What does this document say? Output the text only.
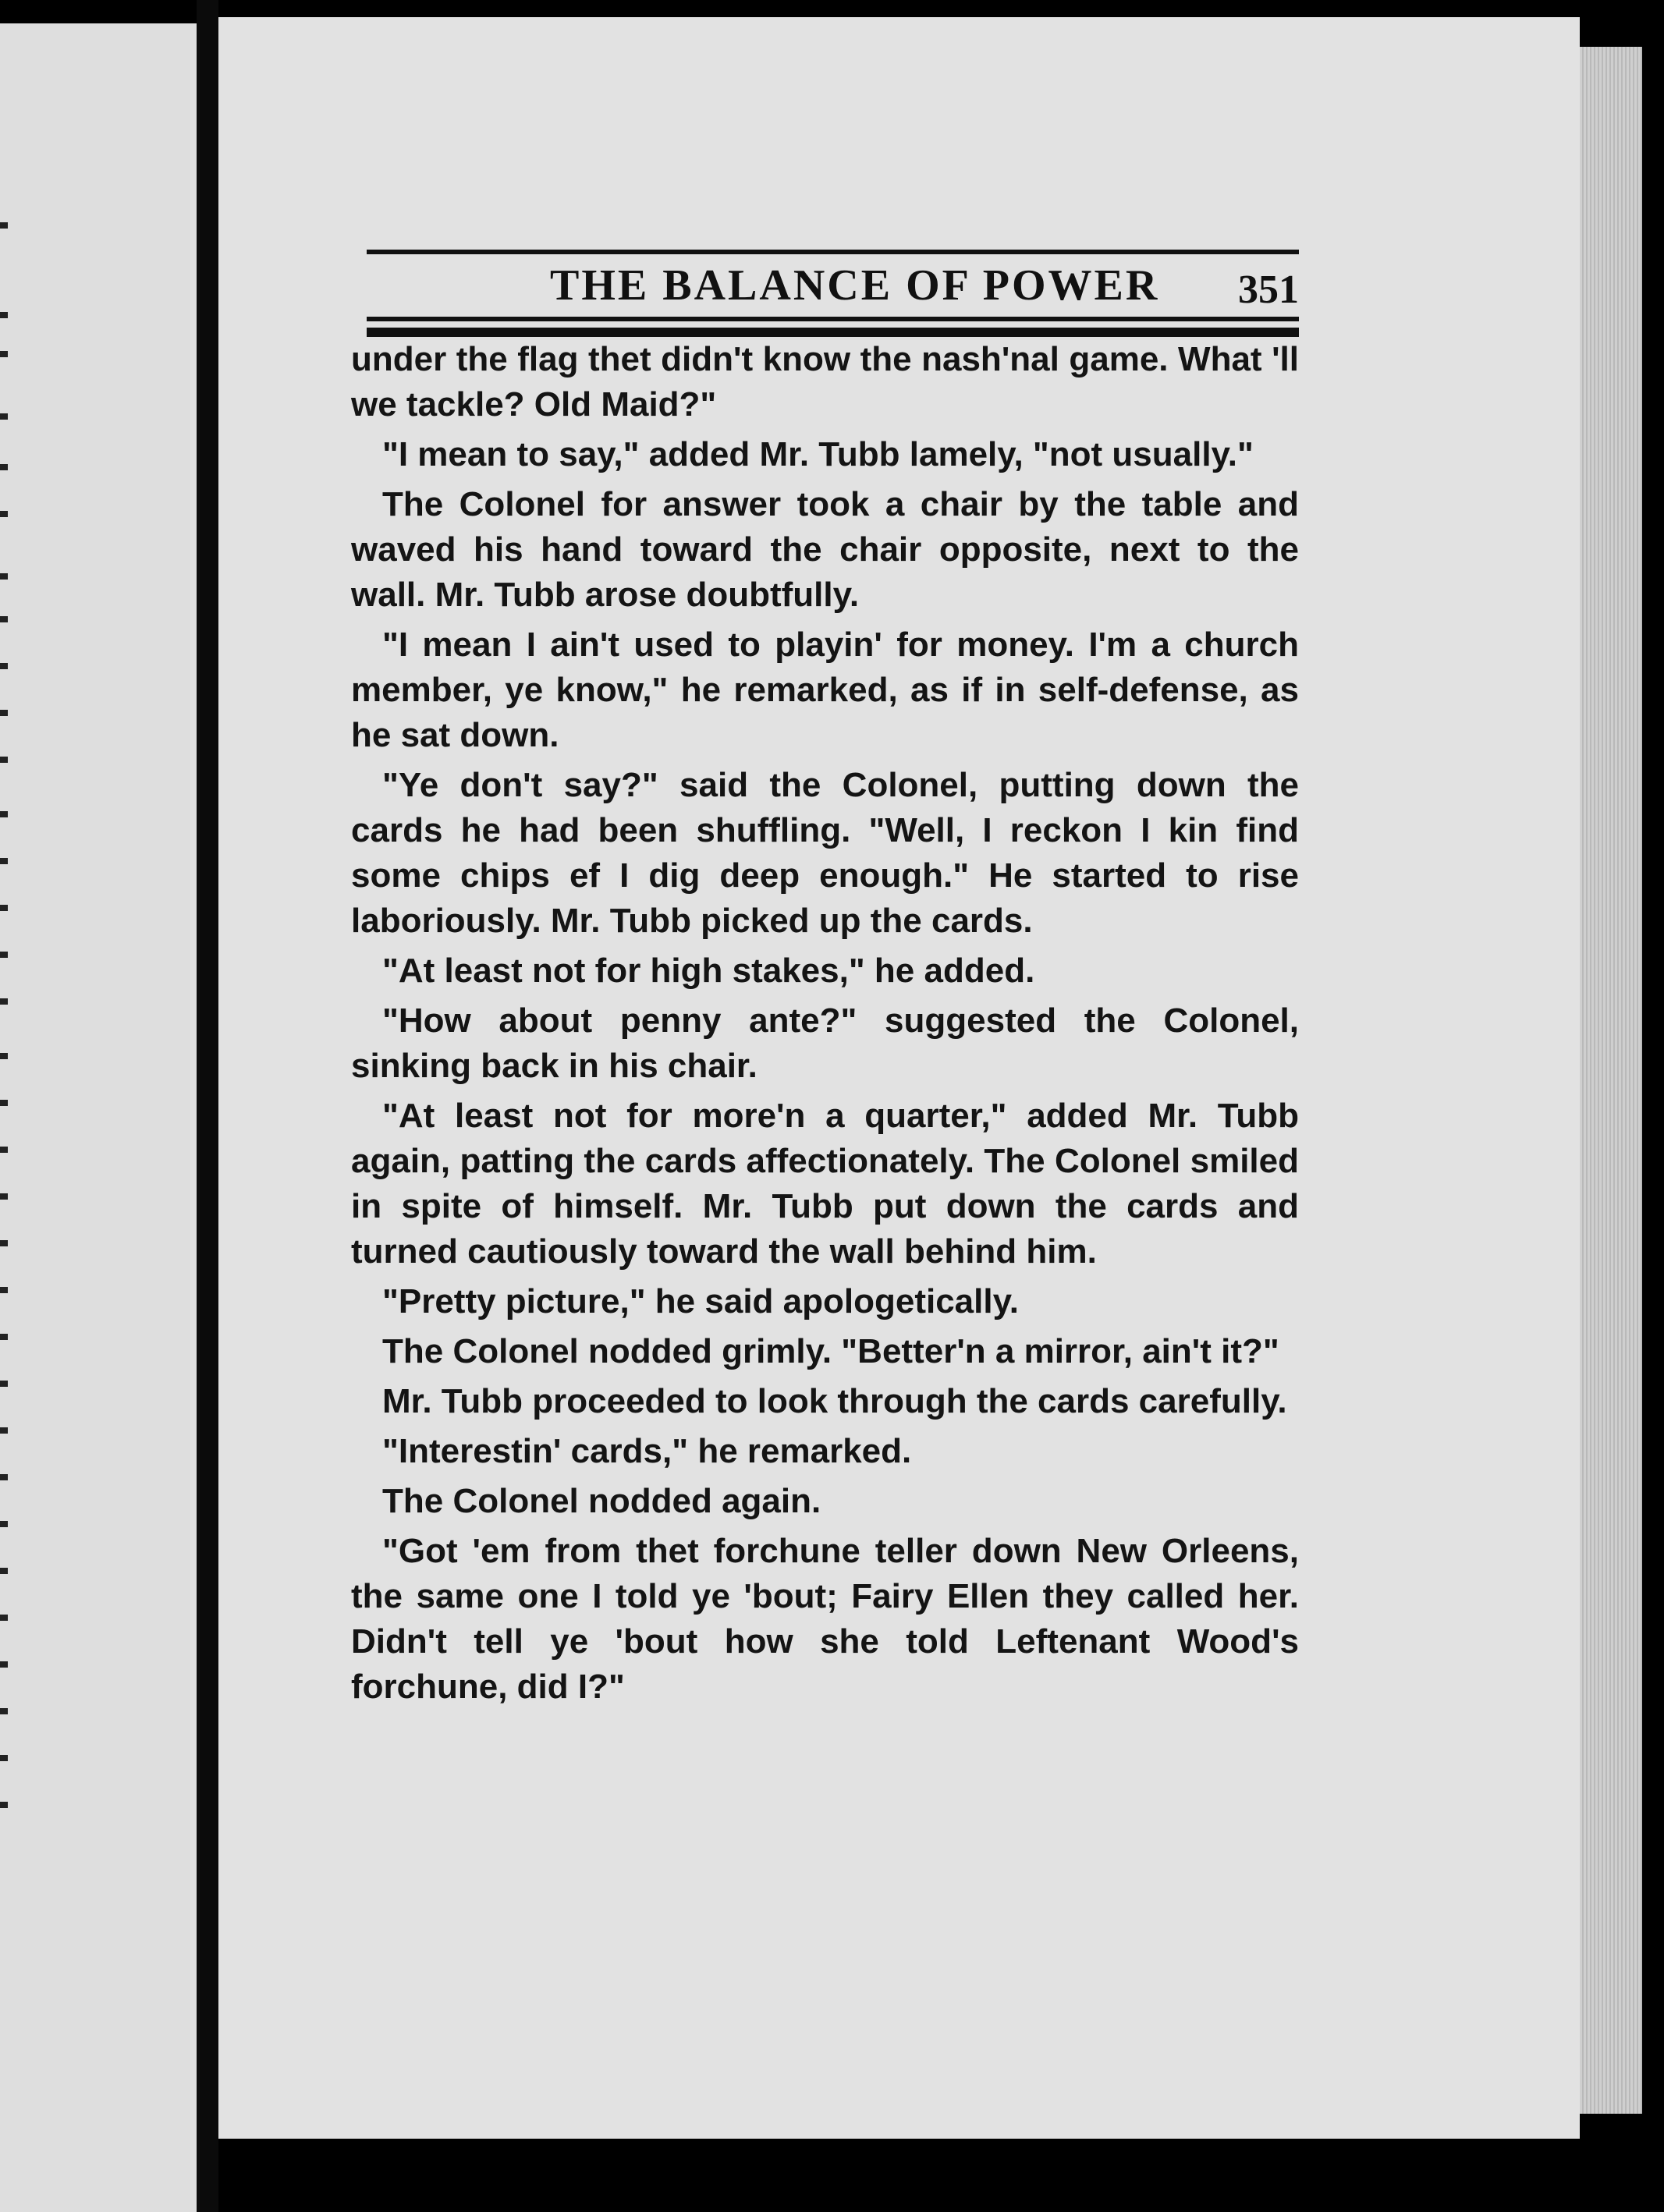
THE BALANCE OF POWER 351

under the flag thet didn't know the nash'nal game. What 'll we tackle? Old Maid?"

"I mean to say," added Mr. Tubb lamely, "not usually."

The Colonel for answer took a chair by the table and waved his hand toward the chair opposite, next to the wall. Mr. Tubb arose doubtfully.

"I mean I ain't used to playin' for money. I'm a church member, ye know," he remarked, as if in self-defense, as he sat down.

"Ye don't say?" said the Colonel, putting down the cards he had been shuffling. "Well, I reckon I kin find some chips ef I dig deep enough." He started to rise laboriously. Mr. Tubb picked up the cards.

"At least not for high stakes," he added.

"How about penny ante?" suggested the Colonel, sinking back in his chair.

"At least not for more'n a quarter," added Mr. Tubb again, patting the cards affectionately. The Colonel smiled in spite of himself. Mr. Tubb put down the cards and turned cautiously toward the wall behind him.

"Pretty picture," he said apologetically.

The Colonel nodded grimly. "Better'n a mirror, ain't it?"

Mr. Tubb proceeded to look through the cards carefully.

"Interestin' cards," he remarked.

The Colonel nodded again.

"Got 'em from thet forchune teller down New Orleens, the same one I told ye 'bout; Fairy Ellen they called her. Didn't tell ye 'bout how she told Leftenant Wood's forchune, did I?"
